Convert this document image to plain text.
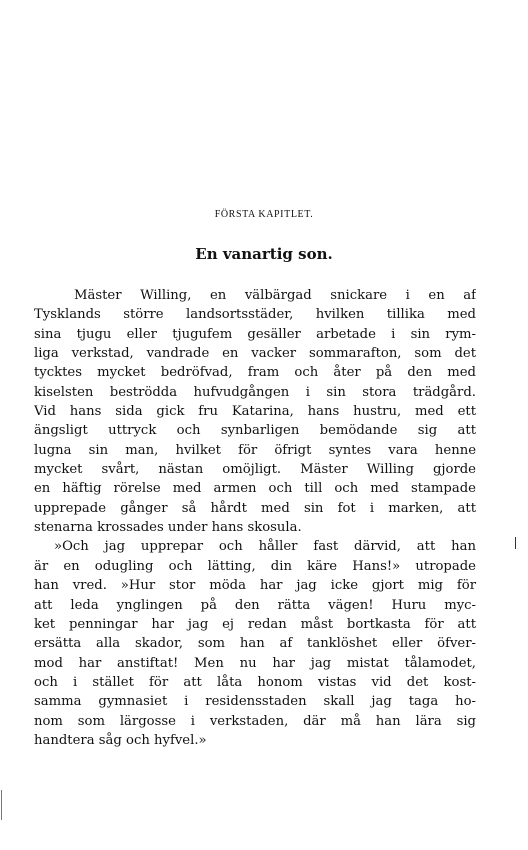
FÖRSTA KAPITLET.
En vanartig son.
Mäster Willing, en välbärgad snickare i en af
Tysklands större landsortsstäder, hvilken tillika med
sina tjugu eller tjugufem gesäller arbetade i sin rym-
liga verkstad, vandrade en vacker sommarafton, som det
tycktes mycket bedröfvad, fram och åter på den med
kiselsten beströdda hufvudgången i sin stora trädgård.
Vid hans sida gick fru Katarina, hans hustru, med ett
ängsligt uttryck och synbarligen bemödande sig att
lugna sin man, hvilket för öfrigt syntes vara henne
mycket svårt, nästan omöjligt. Mäster Willing gjorde
en häftig rörelse med armen och till och med stampade
upprepade gånger så hårdt med sin fot i marken, att
stenarna krossades under hans skosula.
»Och jag upprepar och håller fast därvid, att han
är en odugling och lätting, din käre Hans!» utropade
han vred. »Hur stor möda har jag icke gjort mig för
att leda ynglingen på den rätta vägen! Huru myc-
ket penningar har jag ej redan måst bortkasta för att
ersätta alla skador, som han af tanklöshet eller öfver-
mod har anstiftat! Men nu har jag mistat tålamodet,
och i stället för att låta honom vistas vid det kost-
samma gymnasiet i residensstaden skall jag taga ho-
nom som lärgosse i verkstaden, där må han lära sig
handtera såg och hyfvel.»
